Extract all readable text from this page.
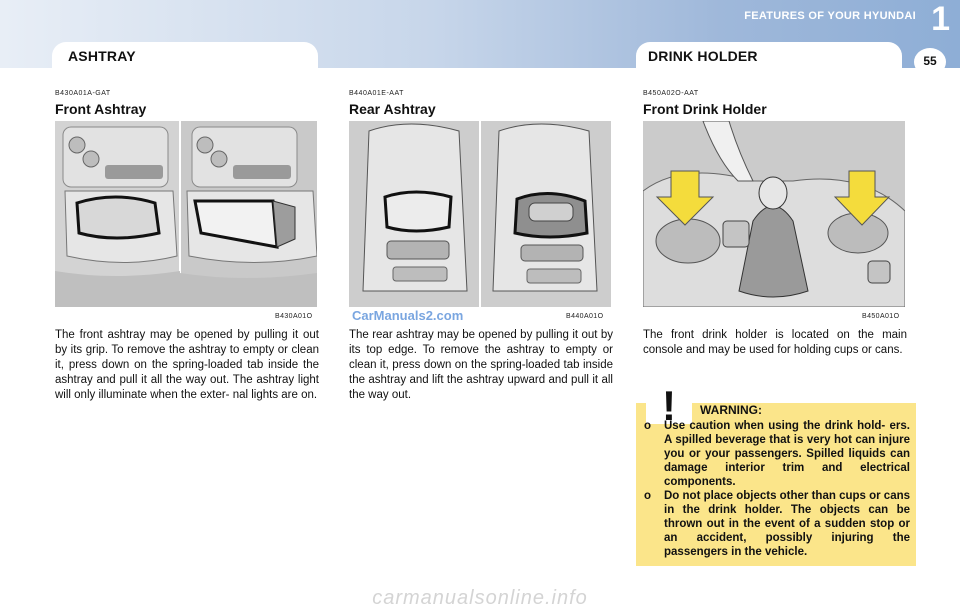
FEATURES OF YOUR HYUNDAI 1
ASHTRAY	DRINK HOLDER	55
B430A01A-GAT
Front Ashtray
B430A01O
The front ashtray may be opened by pulling it out by its grip. To remove the ashtray to empty or clean it, press down on the spring-loaded tab inside the ashtray and pull it all the way out. The ashtray light will only illuminate when the exter- nal lights are on.
B440A01E-AAT
Rear Ashtray
CarManuals2.com	B440A01O
The rear ashtray may be opened by pulling it out by its top edge. To remove the ashtray to empty or clean it, press down on the spring-loaded tab inside the ashtray and lift the ashtray upward and pull it all the way out.
B450A02O-AAT
Front Drink Holder
B450A01O
The front drink holder is located on the main console and may be used for holding cups or cans.
! WARNING:
o Use caution when using the drink hold- ers. A spilled beverage that is very hot can injure you or your passengers. Spilled liquids can damage interior trim and electrical components.
o Do not place objects other than cups or cans in the drink holder. The objects can be thrown out in the event of a sudden stop or an accident, possibly injuring the passengers in the vehicle.
carmanualsonline.info
